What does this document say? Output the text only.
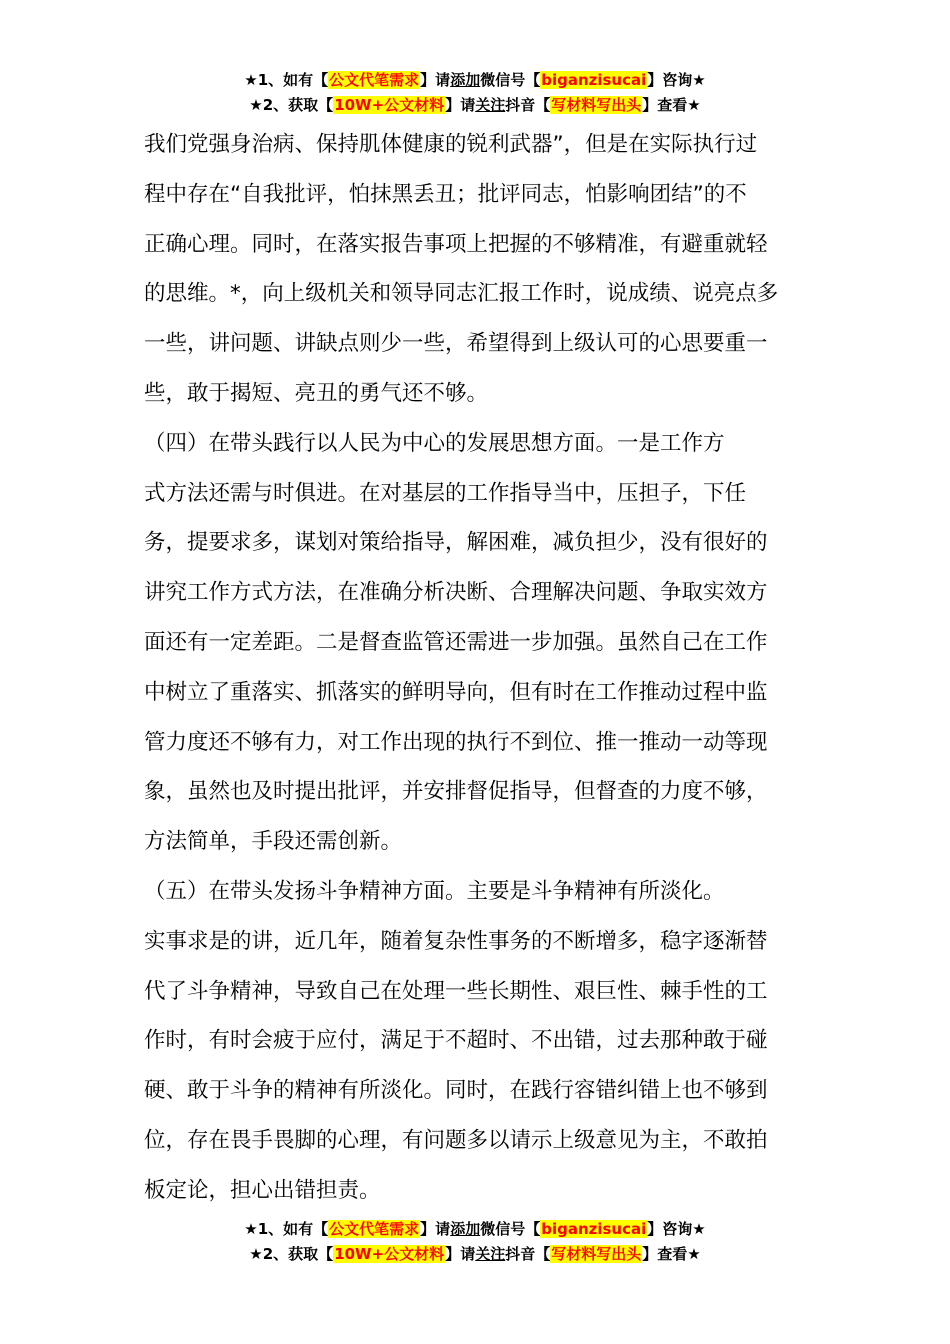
★1、如有【公文代笔需求】请添加微信号【biganzisucai】咨询★
★2、获取【10W+公文材料】请关注抖音【写材料写出头】查看★
我们党强身治病、保持肌体健康的锐利武器”，但是在实际执行过
程中存在“自我批评，怕抹黑丢丑；批评同志，怕影响团结”的不
正确心理。同时，在落实报告事项上把握的不够精准，有避重就轻
的思维。*，向上级机关和领导同志汇报工作时，说成绩、说亮点多
一些，讲问题、讲缺点则少一些，希望得到上级认可的心思要重一
些，敢于揭短、亮丑的勇气还不够。
（四）在带头践行以人民为中心的发展思想方面。一是工作方
式方法还需与时俱进。在对基层的工作指导当中，压担子，下任
务，提要求多，谋划对策给指导，解困难，减负担少，没有很好的
讲究工作方式方法，在准确分析决断、合理解决问题、争取实效方
面还有一定差距。二是督查监管还需进一步加强。虽然自己在工作
中树立了重落实、抓落实的鲜明导向，但有时在工作推动过程中监
管力度还不够有力，对工作出现的执行不到位、推一推动一动等现
象，虽然也及时提出批评，并安排督促指导，但督查的力度不够，
方法简单，手段还需创新。
（五）在带头发扬斗争精神方面。主要是斗争精神有所淡化。
实事求是的讲，近几年，随着复杂性事务的不断增多，稳字逐渐替
代了斗争精神，导致自己在处理一些长期性、艰巨性、棘手性的工
作时，有时会疲于应付，满足于不超时、不出错，过去那种敢于碰
硬、敢于斗争的精神有所淡化。同时，在践行容错纠错上也不够到
位，存在畏手畏脚的心理，有问题多以请示上级意见为主，不敢拍
板定论，担心出错担责。
★1、如有【公文代笔需求】请添加微信号【biganzisucai】咨询★
★2、获取【10W+公文材料】请关注抖音【写材料写出头】查看★
